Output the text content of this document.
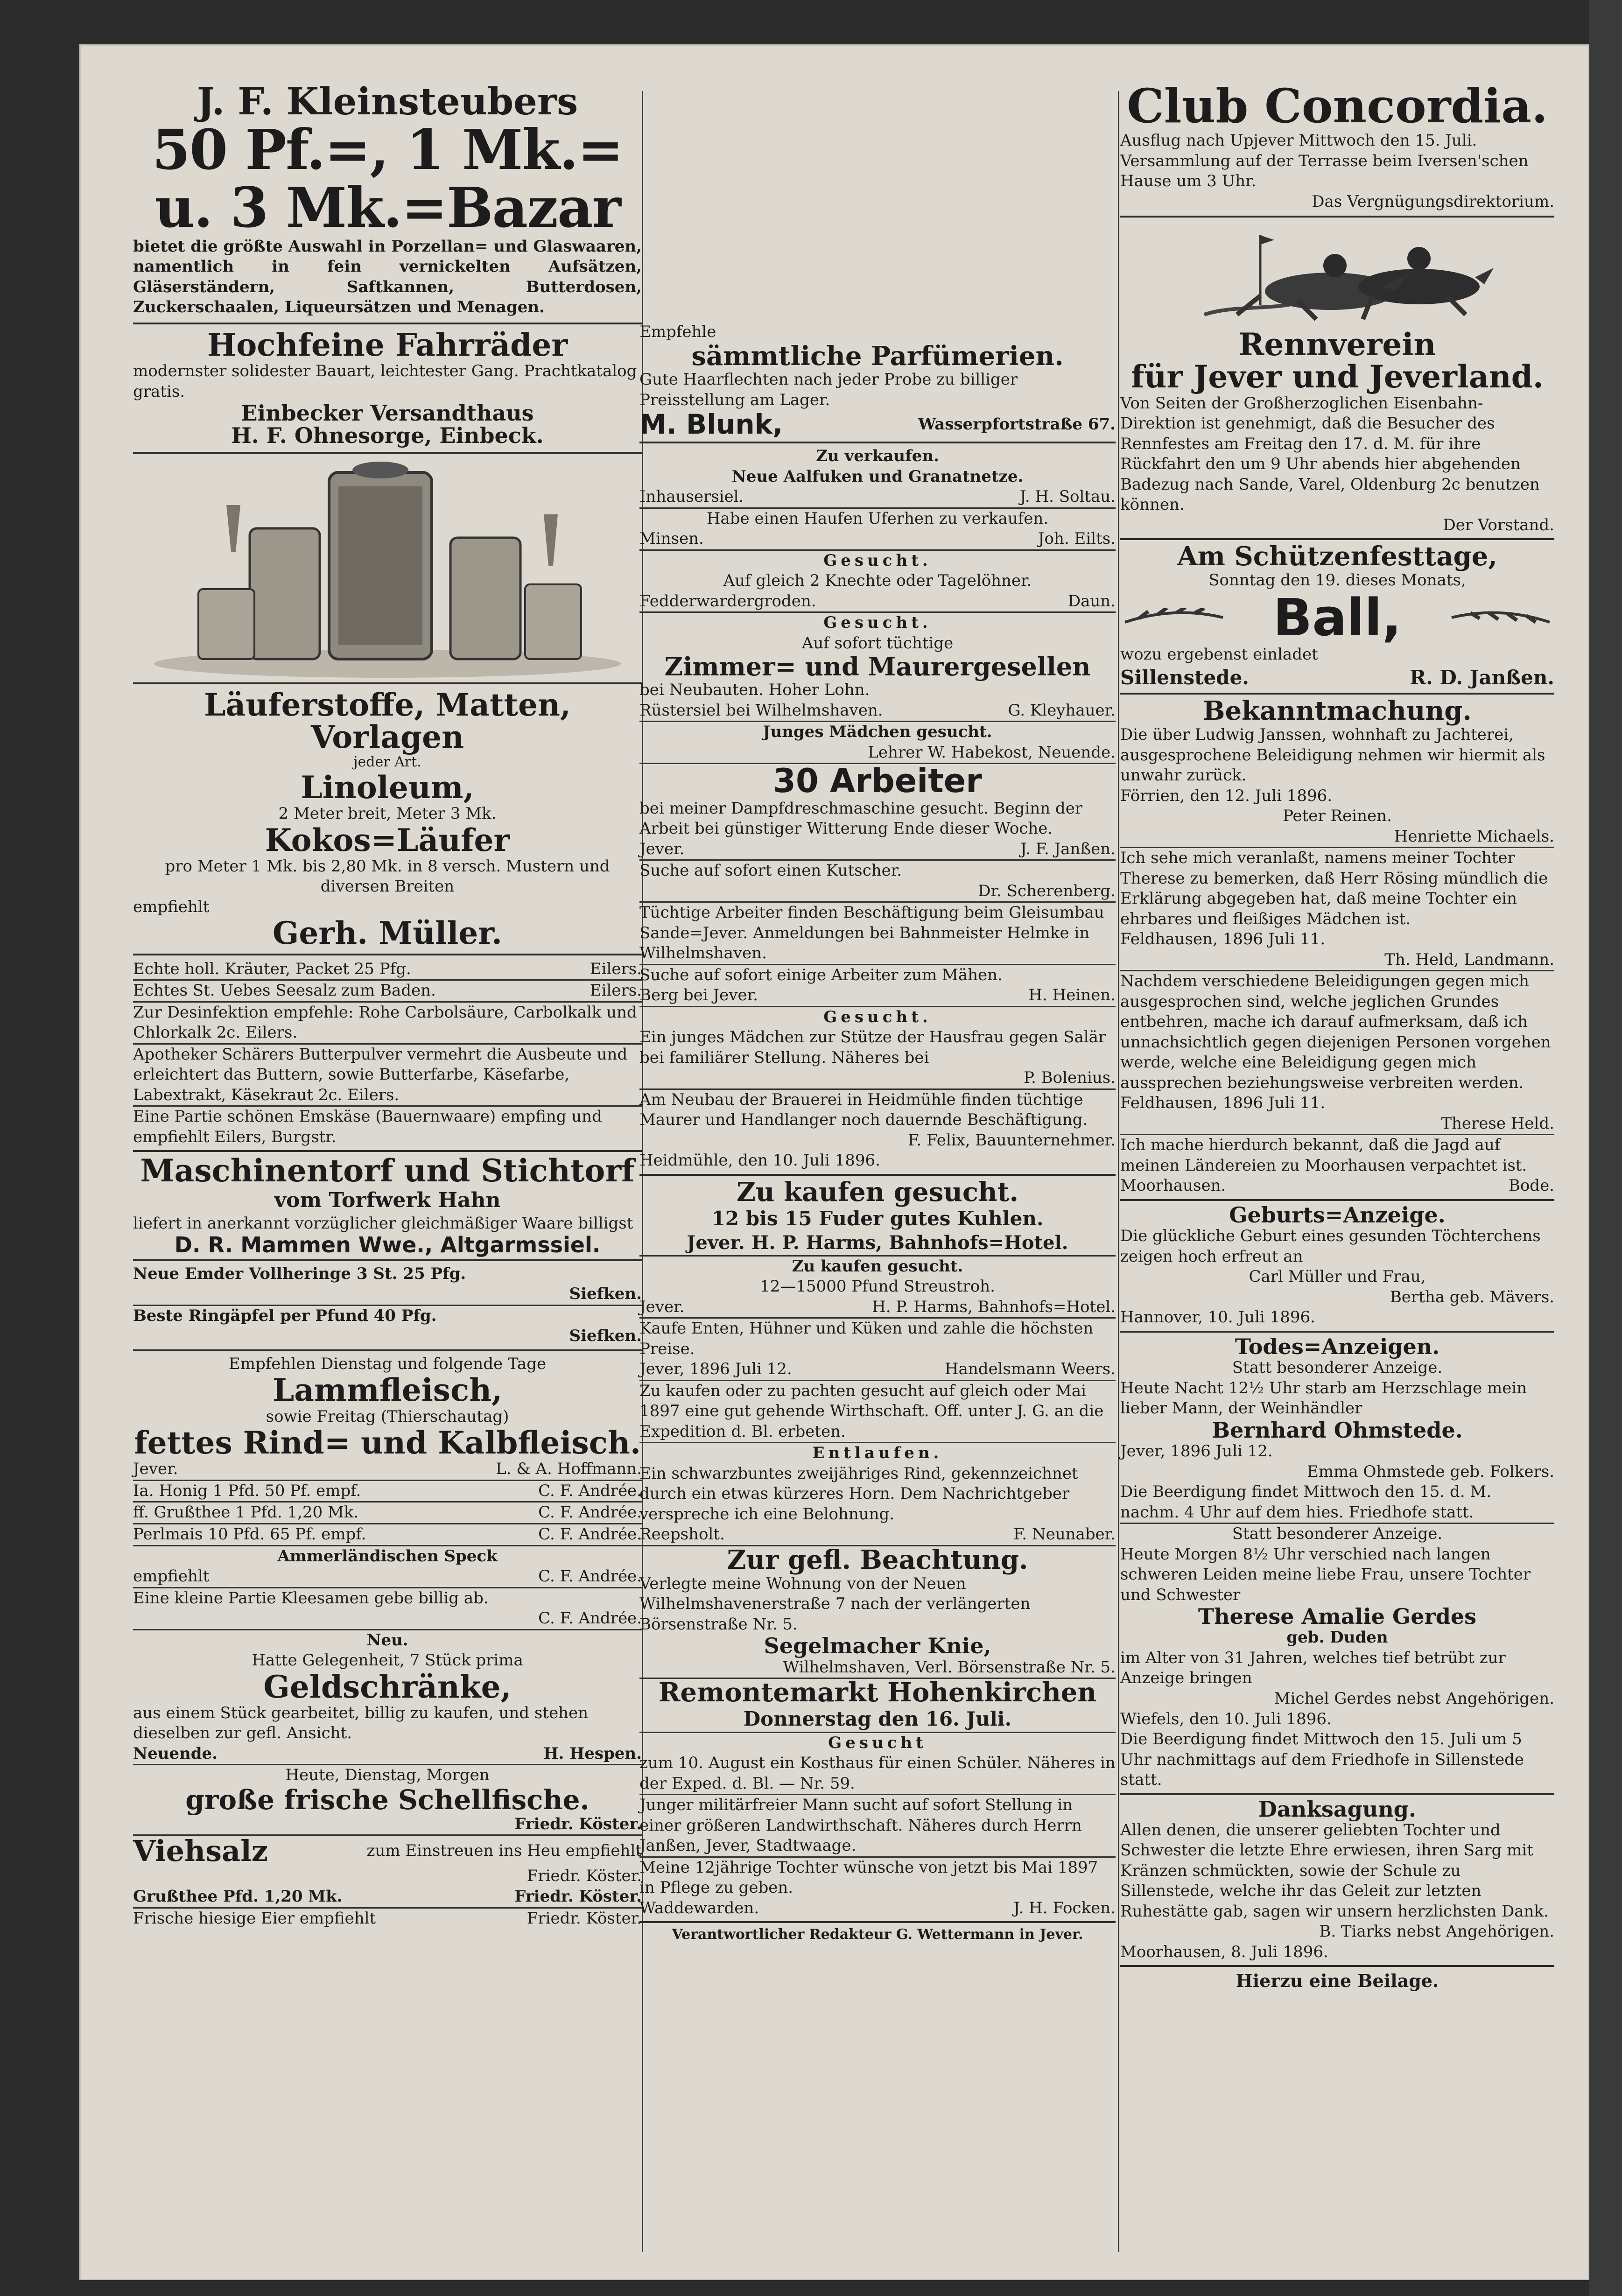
J. F. Kleinsteubers
50 Pf.=, 1 Mk.= u. 3 Mk.=Bazar
bietet die größte Auswahl in Porzellan= und Glaswaaren, namentlich in fein vernickelten Aufsätzen, Gläserständern, Saftkannen, Butterdosen, Zuckerschaalen, Liqueursätzen und Menagen.
Hochfeine Fahrräder
modernster solidester Bauart, leichtester Gang. Prachtkatalog gratis.
Einbecker Versandthaus
H. F. Ohnesorge, Einbeck.
Läuferstoffe, Matten, Vorlagen
jeder Art.
Linoleum,
2 Meter breit, Meter 3 Mk.
Kokos=Läufer
pro Meter 1 Mk. bis 2,80 Mk. in 8 versch. Mustern und diversen Breiten
empfiehlt
Gerh. Müller.
Echte holl. Kräuter, Packet 25 Pfg.	Eilers.
Echtes St. Uebes Seesalz zum Baden.	Eilers.
Zur Desinfektion empfehle: Rohe Carbolsäure, Carbolkalk und Chlorkalk 2c. Eilers.
Apotheker Schärers Butterpulver vermehrt die Ausbeute und erleichtert das Buttern, sowie Butterfarbe, Käsefarbe, Labextrakt, Käsekraut 2c. Eilers.
Eine Partie schönen Emskäse (Bauernwaare) empfing und empfiehlt Eilers, Burgstr.
Maschinentorf und Stichtorf
vom Torfwerk Hahn
liefert in anerkannt vorzüglicher gleichmäßiger Waare billigst
D. R. Mammen Wwe., Altgarmssiel.
Neue Emder Vollheringe 3 St. 25 Pfg.
Siefken.
Beste Ringäpfel per Pfund 40 Pfg.
Siefken.
Empfehlen Dienstag und folgende Tage
Lammfleisch,
sowie Freitag (Thierschautag)
fettes Rind= und Kalbfleisch.
Jever.	L. & A. Hoffmann.
Ia. Honig 1 Pfd. 50 Pf. empf.	C. F. Andrée.
ff. Grußthee 1 Pfd. 1,20 Mk.	C. F. Andrée.
Perlmais 10 Pfd. 65 Pf. empf.	C. F. Andrée.
Ammerländischen Speck
empfiehlt	C. F. Andrée.
Eine kleine Partie Kleesamen gebe billig ab.
C. F. Andrée.
Neu.
Hatte Gelegenheit, 7 Stück prima
Geldschränke,
aus einem Stück gearbeitet, billig zu kaufen, und stehen dieselben zur gefl. Ansicht.
Neuende.	H. Hespen.
Heute, Dienstag, Morgen
große frische Schellfische.
Friedr. Köster.
Viehsalz	zum Einstreuen ins Heu empfiehlt
Friedr. Köster.
Grußthee Pfd. 1,20 Mk.	Friedr. Köster.
Frische hiesige Eier empfiehlt	Friedr. Köster.
Empfehle
sämmtliche Parfümerien.
Gute Haarflechten nach jeder Probe zu billiger Preisstellung am Lager.
M. Blunk,	Wasserpfortstraße 67.
Zu verkaufen.
Neue Aalfuken und Granatnetze.
Inhausersiel.	J. H. Soltau.
Habe einen Haufen Uferhen zu verkaufen.
Minsen.	Joh. Eilts.
Gesucht.
Auf gleich 2 Knechte oder Tagelöhner.
Fedderwardergroden.	Daun.
Gesucht.
Auf sofort tüchtige
Zimmer= und Maurergesellen
bei Neubauten. Hoher Lohn.
Rüstersiel bei Wilhelmshaven.	G. Kleyhauer.
Junges Mädchen gesucht.
Lehrer W. Habekost, Neuende.
30 Arbeiter
bei meiner Dampfdreschmaschine gesucht. Beginn der Arbeit bei günstiger Witterung Ende dieser Woche.
Jever.	J. F. Janßen.
Suche auf sofort einen Kutscher.
Dr. Scherenberg.
Tüchtige Arbeiter finden Beschäftigung beim Gleisumbau Sande=Jever. Anmeldungen bei Bahnmeister Helmke in Wilhelmshaven.
Suche auf sofort einige Arbeiter zum Mähen.
Berg bei Jever.	H. Heinen.
Gesucht.
Ein junges Mädchen zur Stütze der Hausfrau gegen Salär bei familiärer Stellung. Näheres bei
P. Bolenius.
Am Neubau der Brauerei in Heidmühle finden tüchtige Maurer und Handlanger noch dauernde Beschäftigung.
F. Felix, Bauunternehmer.
Heidmühle, den 10. Juli 1896.
Zu kaufen gesucht.
12 bis 15 Fuder gutes Kuhlen.
Jever. H. P. Harms, Bahnhofs=Hotel.
Zu kaufen gesucht.
12—15000 Pfund Streustroh.
Jever.	H. P. Harms, Bahnhofs=Hotel.
Kaufe Enten, Hühner und Küken und zahle die höchsten Preise.
Jever, 1896 Juli 12.	Handelsmann Weers.
Zu kaufen oder zu pachten gesucht auf gleich oder Mai 1897 eine gut gehende Wirthschaft. Off. unter J. G. an die Expedition d. Bl. erbeten.
Entlaufen.
Ein schwarzbuntes zweijähriges Rind, gekennzeichnet durch ein etwas kürzeres Horn. Dem Nachrichtgeber verspreche ich eine Belohnung.
Reepsholt.	F. Neunaber.
Zur gefl. Beachtung.
Verlegte meine Wohnung von der Neuen Wilhelmshavenerstraße 7 nach der verlängerten Börsenstraße Nr. 5.
Segelmacher Knie,
Wilhelmshaven, Verl. Börsenstraße Nr. 5.
Remontemarkt Hohenkirchen
Donnerstag den 16. Juli.
Gesucht
zum 10. August ein Kosthaus für einen Schüler. Näheres in der Exped. d. Bl. — Nr. 59.
Junger militärfreier Mann sucht auf sofort Stellung in einer größeren Landwirthschaft. Näheres durch Herrn Janßen, Jever, Stadtwaage.
Meine 12jährige Tochter wünsche von jetzt bis Mai 1897 in Pflege zu geben.
Waddewarden.	J. H. Focken.
Verantwortlicher Redakteur G. Wettermann in Jever.
Club Concordia.
Ausflug nach Upjever Mittwoch den 15. Juli. Versammlung auf der Terrasse beim Iversen'schen Hause um 3 Uhr.
Das Vergnügungsdirektorium.
Rennverein
für Jever und Jeverland.
Von Seiten der Großherzoglichen Eisenbahn-Direktion ist genehmigt, daß die Besucher des Rennfestes am Freitag den 17. d. M. für ihre Rückfahrt den um 9 Uhr abends hier abgehenden Badezug nach Sande, Varel, Oldenburg 2c benutzen können.
Der Vorstand.
Am Schützenfesttage,
Sonntag den 19. dieses Monats,
Ball,
wozu ergebenst einladet
Sillenstede.	R. D. Janßen.
Bekanntmachung.
Die über Ludwig Janssen, wohnhaft zu Jachterei, ausgesprochene Beleidigung nehmen wir hiermit als unwahr zurück.
Förrien, den 12. Juli 1896.
Peter Reinen.
Henriette Michaels.
Ich sehe mich veranlaßt, namens meiner Tochter Therese zu bemerken, daß Herr Rösing mündlich die Erklärung abgegeben hat, daß meine Tochter ein ehrbares und fleißiges Mädchen ist.
Feldhausen, 1896 Juli 11.
Th. Held, Landmann.
Nachdem verschiedene Beleidigungen gegen mich ausgesprochen sind, welche jeglichen Grundes entbehren, mache ich darauf aufmerksam, daß ich unnachsichtlich gegen diejenigen Personen vorgehen werde, welche eine Beleidigung gegen mich aussprechen beziehungsweise verbreiten werden.
Feldhausen, 1896 Juli 11.
Therese Held.
Ich mache hierdurch bekannt, daß die Jagd auf meinen Ländereien zu Moorhausen verpachtet ist.
Moorhausen.	Bode.
Geburts=Anzeige.
Die glückliche Geburt eines gesunden Töchterchens zeigen hoch erfreut an
Carl Müller und Frau,
Bertha geb. Mävers.
Hannover, 10. Juli 1896.
Todes=Anzeigen.
Statt besonderer Anzeige.
Heute Nacht 12½ Uhr starb am Herzschlage mein lieber Mann, der Weinhändler
Bernhard Ohmstede.
Jever, 1896 Juli 12.
Emma Ohmstede geb. Folkers.
Die Beerdigung findet Mittwoch den 15. d. M. nachm. 4 Uhr auf dem hies. Friedhofe statt.
Statt besonderer Anzeige.
Heute Morgen 8½ Uhr verschied nach langen schweren Leiden meine liebe Frau, unsere Tochter und Schwester
Therese Amalie Gerdes
geb. Duden
im Alter von 31 Jahren, welches tief betrübt zur Anzeige bringen
Michel Gerdes nebst Angehörigen.
Wiefels, den 10. Juli 1896.
Die Beerdigung findet Mittwoch den 15. Juli um 5 Uhr nachmittags auf dem Friedhofe in Sillenstede statt.
Danksagung.
Allen denen, die unserer geliebten Tochter und Schwester die letzte Ehre erwiesen, ihren Sarg mit Kränzen schmückten, sowie der Schule zu Sillenstede, welche ihr das Geleit zur letzten Ruhestätte gab, sagen wir unsern herzlichsten Dank.
B. Tiarks nebst Angehörigen.
Moorhausen, 8. Juli 1896.
Hierzu eine Beilage.
